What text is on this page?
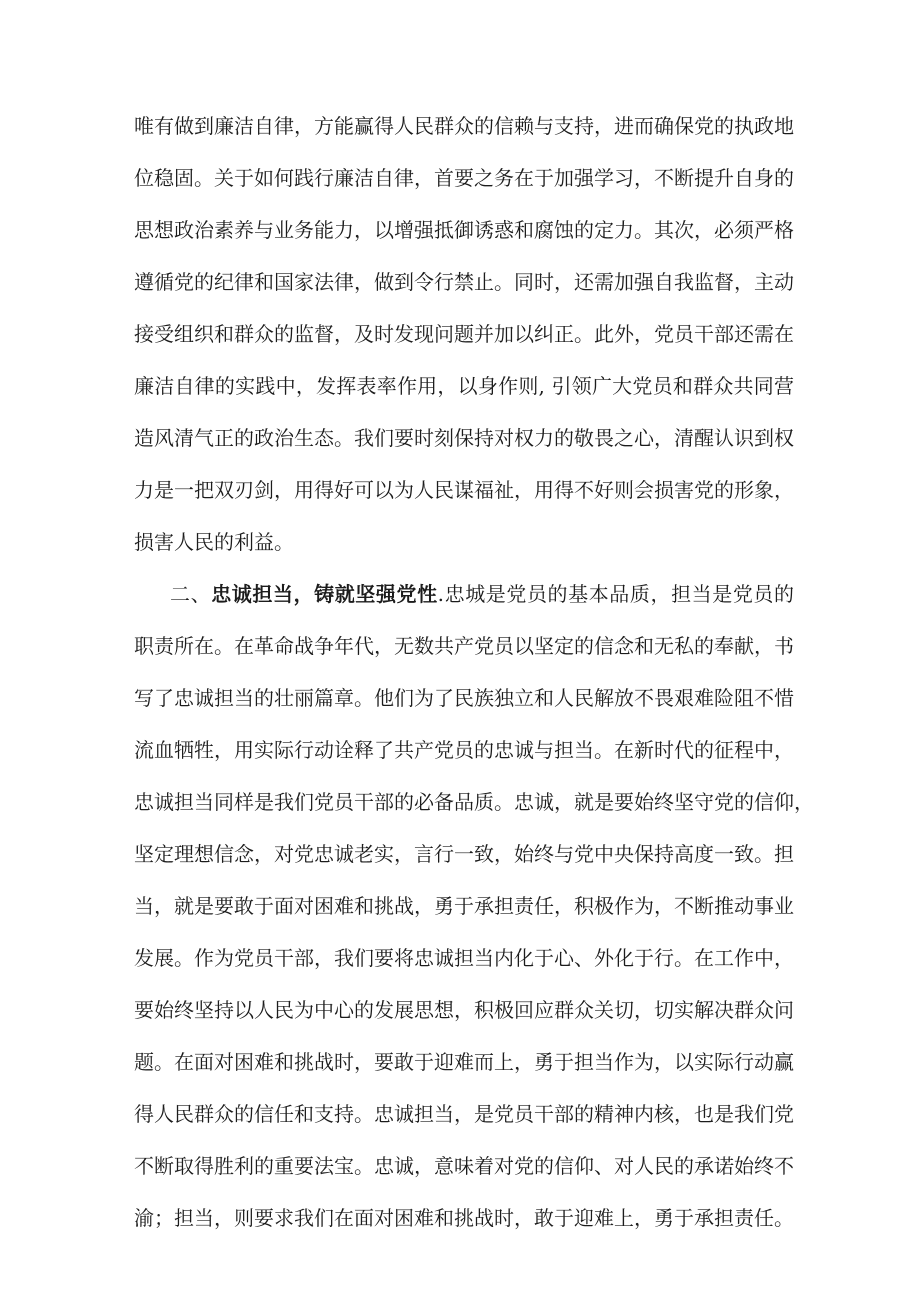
唯有做到廉洁自律，方能赢得人民群众的信赖与支持，进而确保党的执政地
位稳固。关于如何践行廉洁自律，首要之务在于加强学习，不断提升自身的
思想政治素养与业务能力，以增强抵御诱惑和腐蚀的定力。其次，必须严格
遵循党的纪律和国家法律，做到令行禁止。同时，还需加强自我监督，主动
接受组织和群众的监督，及时发现问题并加以纠正。此外，党员干部还需在
廉洁自律的实践中，发挥表率作用，以身作则, 引领广大党员和群众共同营
造风清气正的政治生态。我们要时刻保持对权力的敬畏之心，清醒认识到权
力是一把双刃剑，用得好可以为人民谋福祉，用得不好则会损害党的形象，
损害人民的利益。
二、忠诚担当，铸就坚强党性.忠城是党员的基本品质，担当是党员的
职责所在。在革命战争年代，无数共产党员以坚定的信念和无私的奉献，书
写了忠诚担当的壮丽篇章。他们为了民族独立和人民解放不畏艰难险阻不惜
流血牺牲，用实际行动诠释了共产党员的忠诚与担当。在新时代的征程中，
忠诚担当同样是我们党员干部的必备品质。忠诚，就是要始终坚守党的信仰，
坚定理想信念，对党忠诚老实，言行一致，始终与党中央保持高度一致。担
当，就是要敢于面对困难和挑战，勇于承担责任，积极作为，不断推动事业
发展。作为党员干部，我们要将忠诚担当内化于心、外化于行。在工作中，
要始终坚持以人民为中心的发展思想，积极回应群众关切，切实解决群众问
题。在面对困难和挑战时，要敢于迎难而上，勇于担当作为，以实际行动赢
得人民群众的信任和支持。忠诚担当，是党员干部的精神内核，也是我们党
不断取得胜利的重要法宝。忠诚，意味着对党的信仰、对人民的承诺始终不
渝；担当，则要求我们在面对困难和挑战时，敢于迎难上，勇于承担责任。
